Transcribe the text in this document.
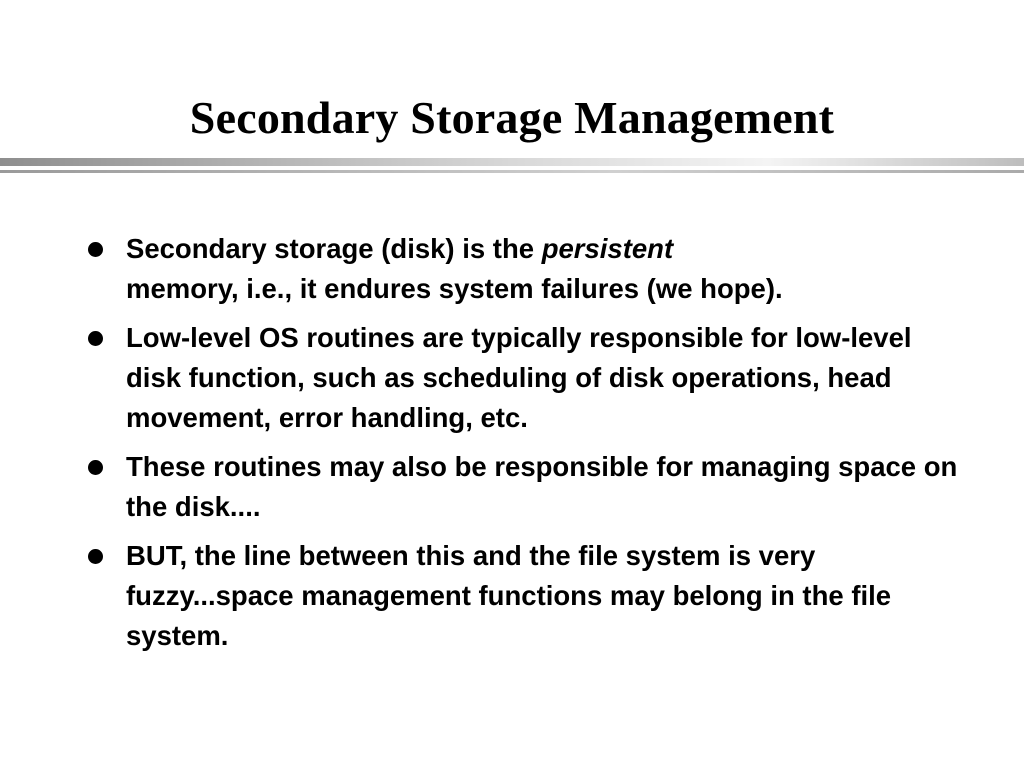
Secondary Storage Management
Secondary storage (disk) is the persistent
memory, i.e., it endures system failures (we hope).
Low-level OS routines are typically responsible for low-level disk function, such as scheduling of disk operations, head movement, error handling, etc.
These routines may also be responsible for managing space on the disk....
BUT, the line between this and the file system is very fuzzy...space management functions may belong in the file system.
